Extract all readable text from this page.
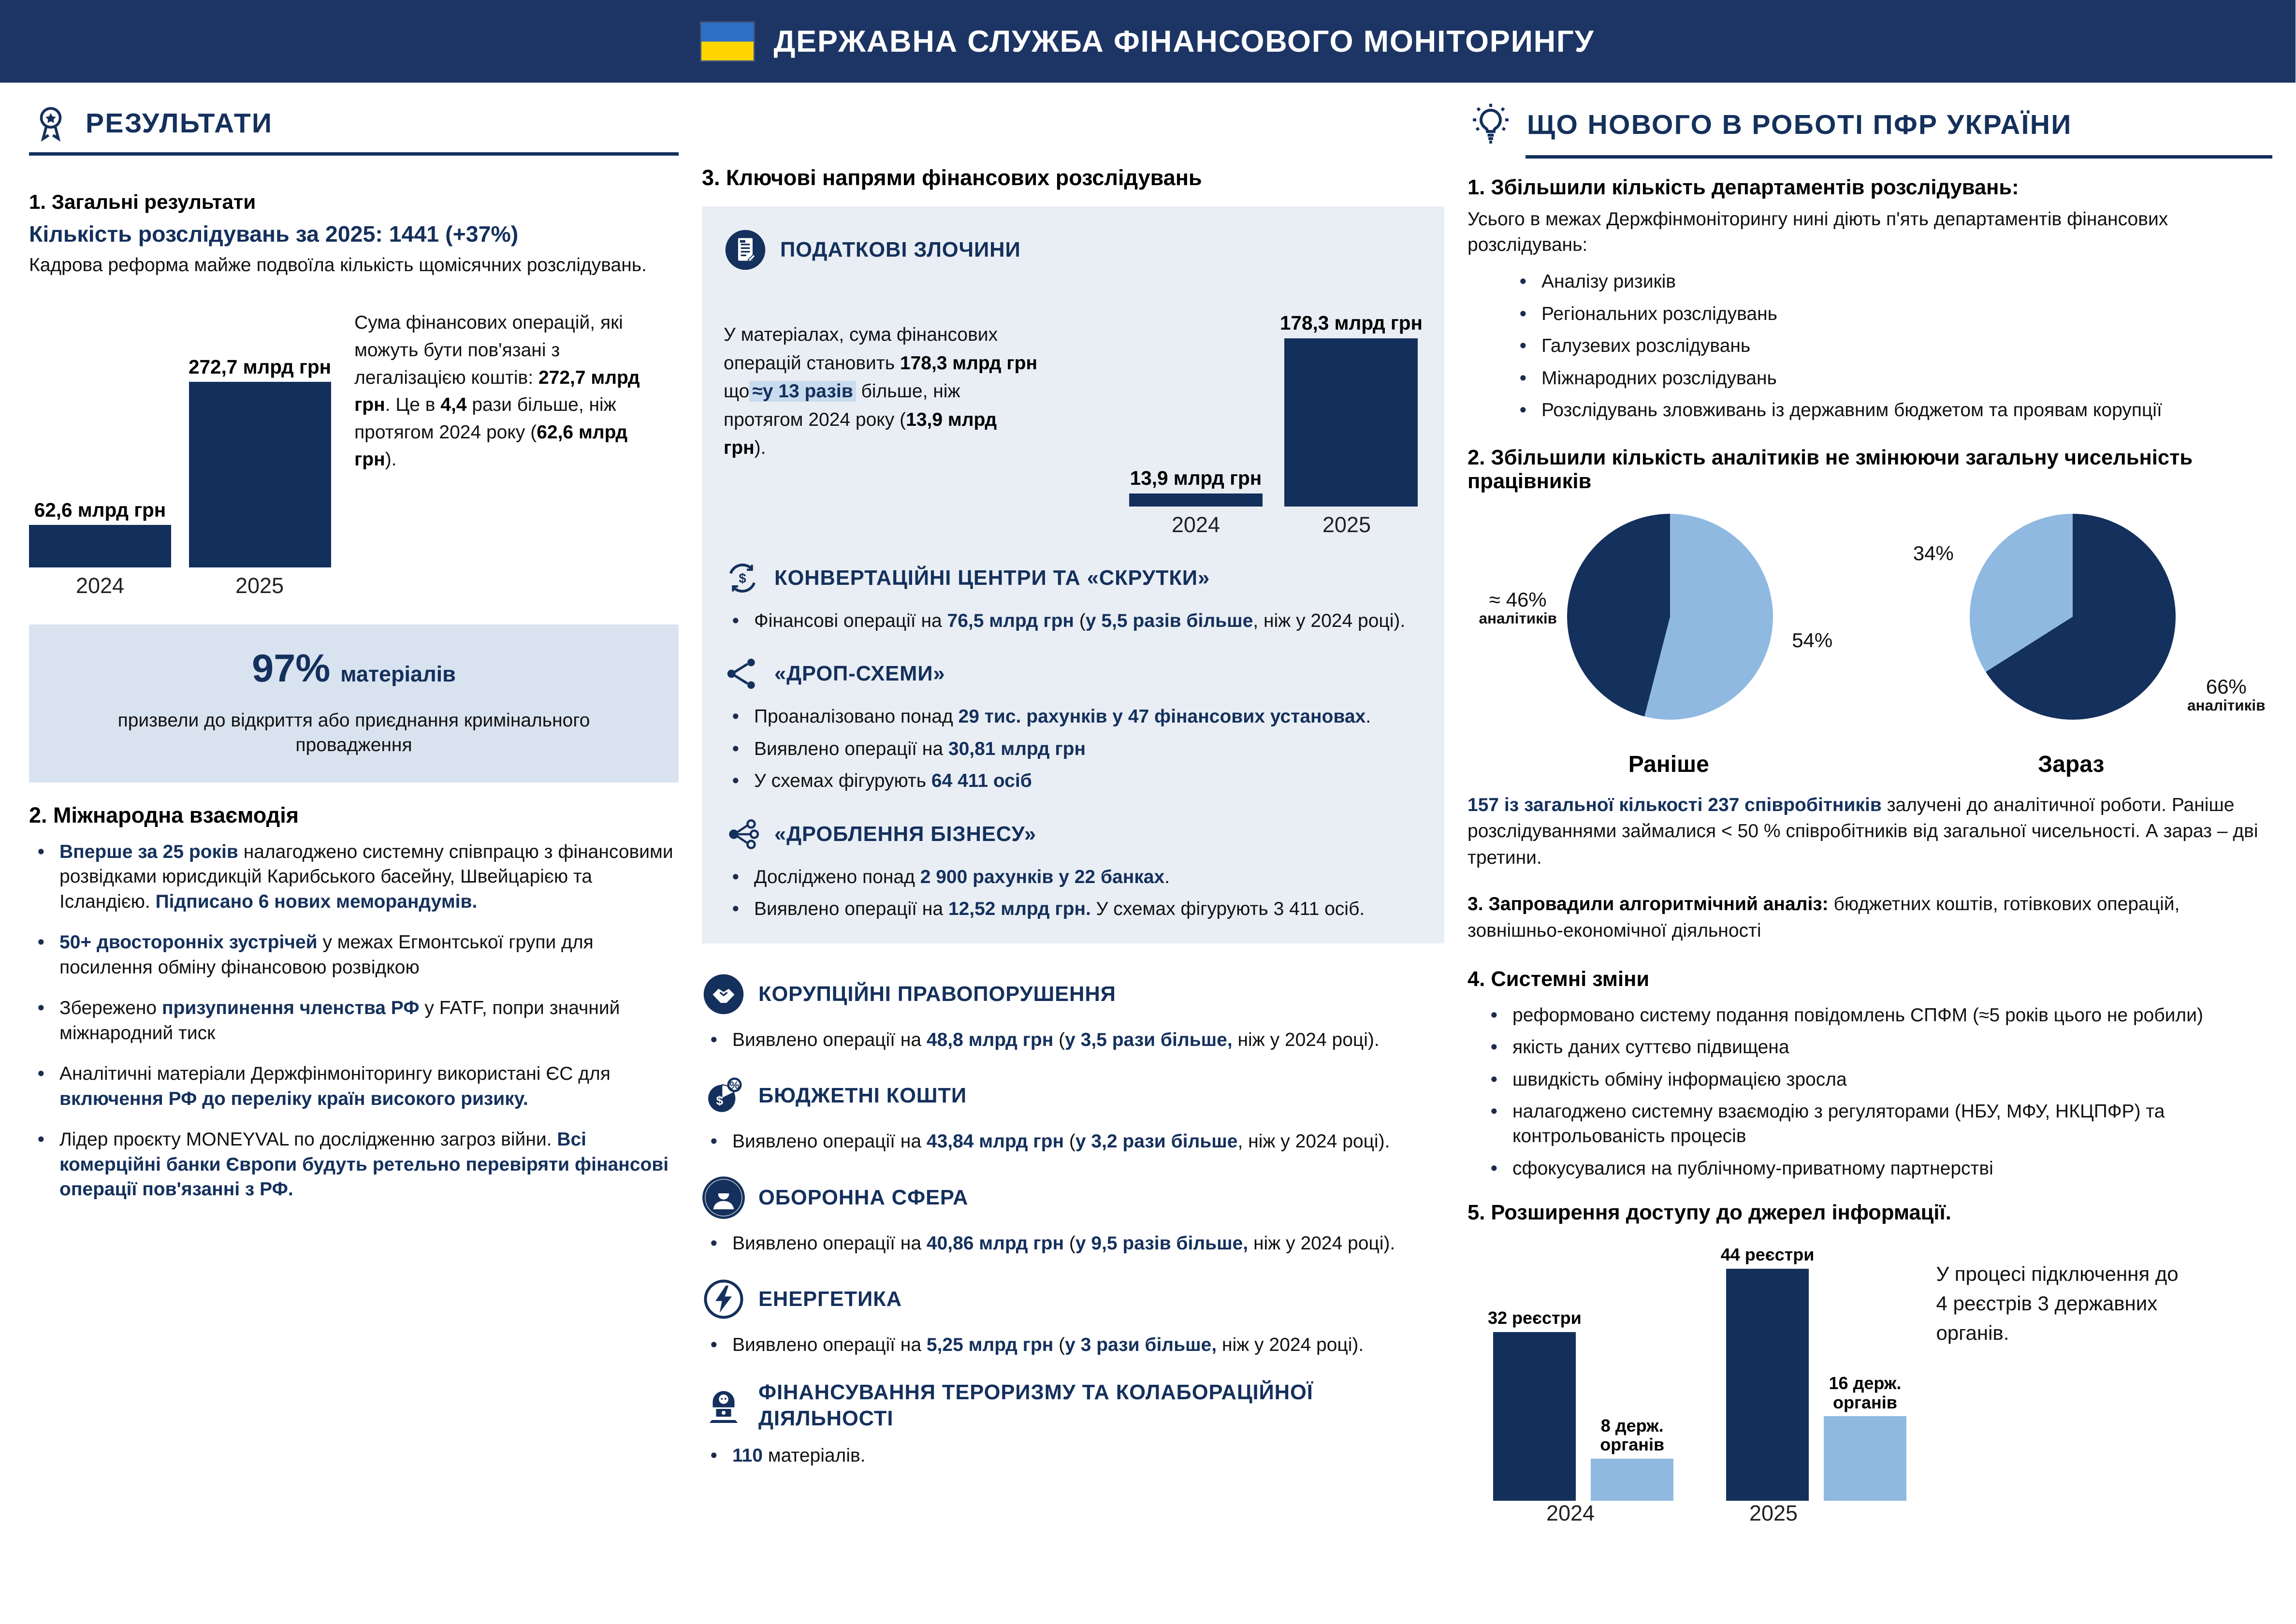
ДЕРЖАВНА СЛУЖБА ФІНАНСОВОГО МОНІТОРИНГУ
РЕЗУЛЬТАТИ
1. Загальні результати

Кількість розслідувань за 2025: 1441 (+37%)

Кадрова реформа майже подвоїла кількість щомісячних розслідувань.

62,6 млрд грн
272,7 млрд грн
2024	2025

Сума фінансових операцій, які можуть бути пов'язані з легалізацією коштів: 272,7 млрд грн. Це в 4,4 рази більше, ніж протягом 2024 року (62,6 млрд грн).

97% матеріалів

призвели до відкриття або приєднання кримінального провадження

2. Міжнародна взаємодія
• Вперше за 25 років налагоджено системну співпрацю з фінансовими розвідками юрисдикцій Карибського басейну, Швейцарією та Ісландією. Підписано 6 нових меморандумів.
• 50+ двосторонніх зустрічей у межах Егмонтської групи для посилення обміну фінансовою розвідкою
• Збережено призупинення членства РФ у FATF, попри значний міжнародний тиск
• Аналітичні матеріали Держфінмоніторингу використані ЄС для включення РФ до переліку країн високого ризику.
• Лідер проєкту MONEYVAL по дослідженню загроз війни. Всі комерційні банки Європи будуть ретельно перевіряти фінансові операції пов'язанні з РФ.
3. Ключові напрями фінансових розслідувань
ПОДАТКОВІ ЗЛОЧИНИ

У матеріалах, сума фінансових операцій становить 178,3 млрд грн що ≈у 13 разів більше, ніж протягом 2024 року (13,9 млрд грн).

13,9 млрд грн
178,3 млрд грн
2024	2025
$	КОНВЕРТАЦІЙНІ ЦЕНТРИ ТА «СКРУТКИ»
• Фінансові операції на 76,5 млрд грн (у 5,5 разів більше, ніж у 2024 році).
«ДРОП-СХЕМИ»
• Проаналізовано понад 29 тис. рахунків у 47 фінансових установах.
• Виявлено операції на 30,81 млрд грн
• У схемах фігурують 64 411 осіб
«ДРОБЛЕННЯ БІЗНЕСУ»
• Досліджено понад 2 900 рахунків у 22 банках.
• Виявлено операції на 12,52 млрд грн. У схемах фігурують 3 411 осіб.
КОРУПЦІЙНІ ПРАВОПОРУШЕННЯ
• Виявлено операції на 48,8 млрд грн (у 3,5 рази більше, ніж у 2024 році).
$
%	БЮДЖЕТНІ КОШТИ
• Виявлено операції на 43,84 млрд грн (у 3,2 рази більше, ніж у 2024 році).
ОБОРОННА СФЕРА
• Виявлено операції на 40,86 млрд грн (у 9,5 разів більше, ніж у 2024 році).
ЕНЕРГЕТИКА
• Виявлено операції на 5,25 млрд грн (у 3 рази більше, ніж у 2024 році).
ФІНАНСУВАННЯ ТЕРОРИЗМУ ТА КОЛАБОРАЦІЙНОЇ ДІЯЛЬНОСТІ
• 110 матеріалів.
ЩО НОВОГО В РОБОТІ ПФР УКРАЇНИ
1. Збільшили кількість департаментів розслідувань:

Усього в межах Держфінмоніторингу нині діють п'ять департаментів фінансових розслідувань:

• Аналізу ризиків
• Регіональних розслідувань
• Галузевих розслідувань
• Міжнародних розслідувань
• Розслідувань зловживань із державним бюджетом та проявам корупції
2. Збільшили кількість аналітиків не змінюючи загальну чисельність працівників
≈ 46%
аналітиків
54%
Раніше
34%
66%
аналітиків
Зараз

157 із загальної кількості 237 співробітників залучені до аналітичної роботи. Раніше розслідуваннями займалися < 50 % співробітників від загальної чисельності. А зараз – дві третини.

3. Запровадили алгоритмічний аналіз: бюджетних коштів, готівкових операцій, зовнішньо-економічної діяльності

4. Системні зміни
• реформовано систему подання повідомлень СПФМ (≈5 років цього не робили)
• якість даних суттєво підвищена
• швидкість обміну інформацією зросла
• налагоджено системну взаємодію з регуляторами (НБУ, МФУ, НКЦПФР) та контрольованість процесів
• сфокусувалися на публічному-приватному партнерстві
5. Розширення доступу до джерел інформації.
32 реєстри
8 держ. органів
44 реєстри
16 держ. органів

У процесі підключення до 4 реєстрів 3 державних органів.

2024	2025
